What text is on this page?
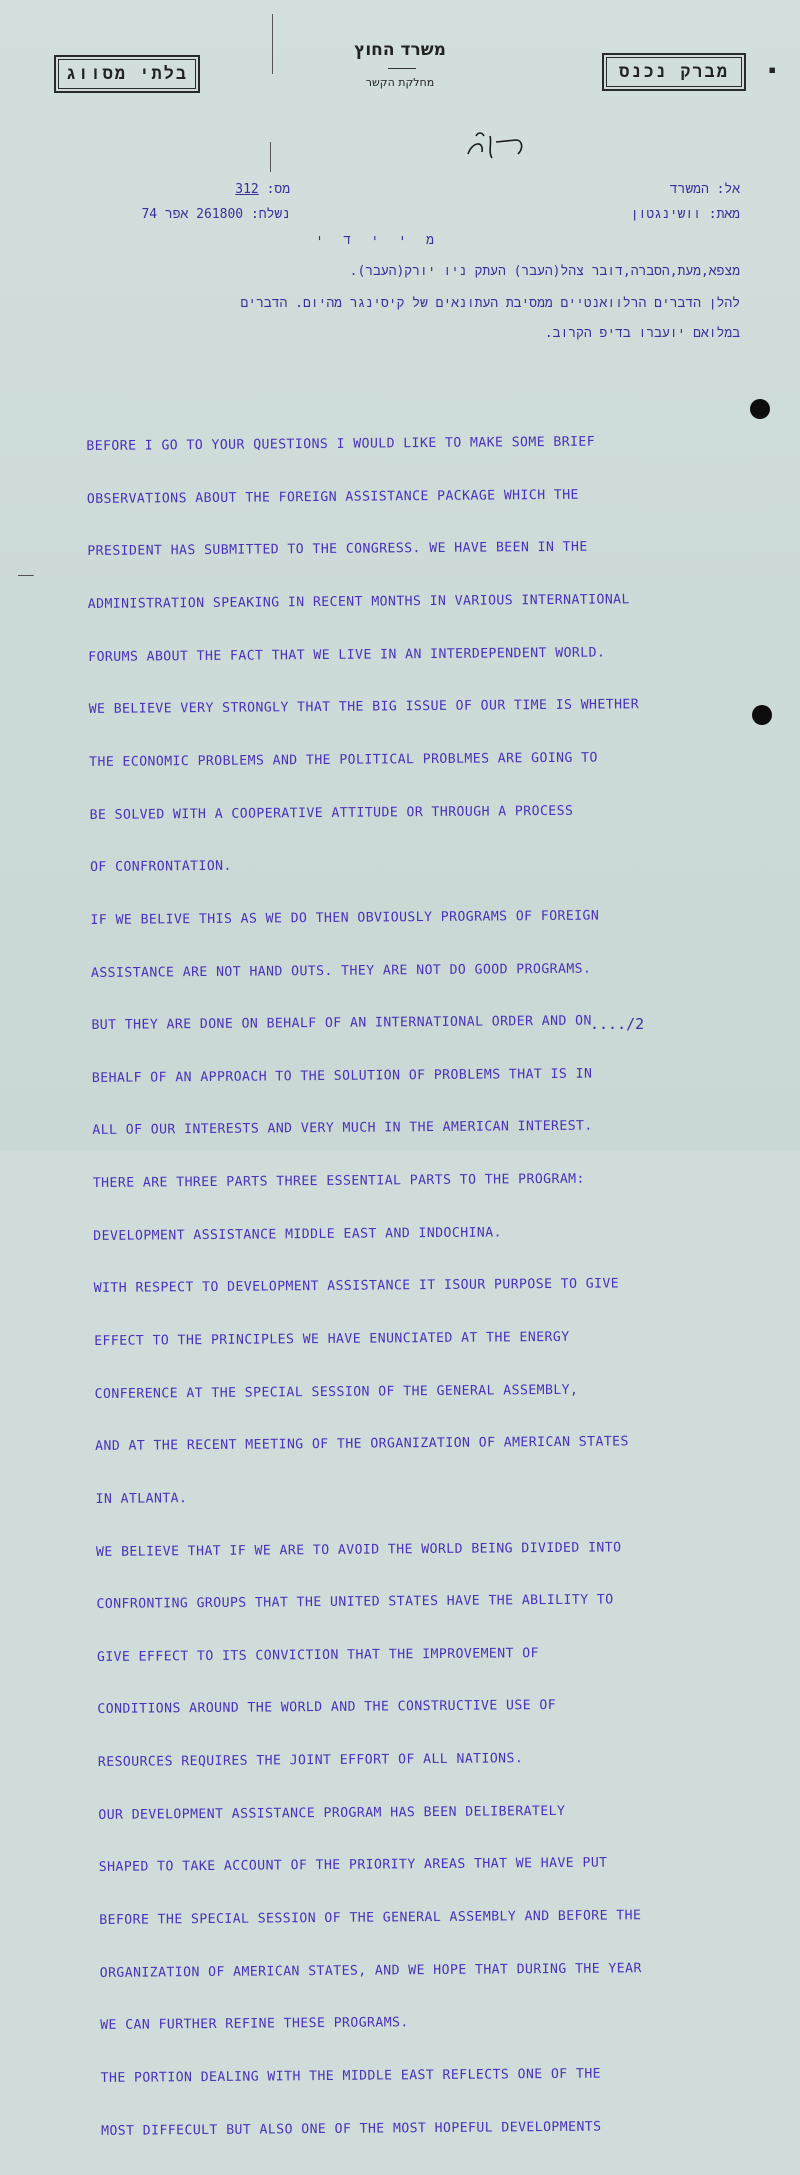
בלתי מסווג	מברק נכנס	▪
משרד החוץ
מחלקת הקשר
אל: המשרד
מאת: וושינגטון
מס: 312
נשלח: 261800 אפר 74
מ י י ד י
מצפא,מעת,הסברה,דובר צהל(העבר) העתק ניו יורק(העבר).
להלן הדברים הרלוואנטיים ממסיבת העתונאים של קיסינגר מהיום. הדברים
במלואם יועברו בדיפ הקרוב.
—⁠—

BEFORE I GO TO YOUR QUESTIONS I WOULD LIKE TO MAKE SOME BRIEF

OBSERVATIONS ABOUT THE FOREIGN ASSISTANCE PACKAGE WHICH THE

PRESIDENT HAS SUBMITTED TO THE CONGRESS. WE HAVE BEEN IN THE

ADMINISTRATION SPEAKING IN RECENT MONTHS IN VARIOUS INTERNATIONAL

FORUMS ABOUT THE FACT THAT WE LIVE IN AN INTERDEPENDENT WORLD.

WE BELIEVE VERY STRONGLY THAT THE BIG ISSUE OF OUR TIME IS WHETHER

THE ECONOMIC PROBLEMS AND THE POLITICAL PROBLMES ARE GOING TO

BE SOLVED WITH A COOPERATIVE ATTITUDE OR THROUGH A PROCESS

OF CONFRONTATION.

IF WE BELIVE THIS AS WE DO THEN OBVIOUSLY PROGRAMS OF FOREIGN

ASSISTANCE ARE NOT HAND OUTS. THEY ARE NOT DO GOOD PROGRAMS.

BUT THEY ARE DONE ON BEHALF OF AN INTERNATIONAL ORDER AND ON

BEHALF OF AN APPROACH TO THE SOLUTION OF PROBLEMS THAT IS IN

ALL OF OUR INTERESTS AND VERY MUCH IN THE AMERICAN INTEREST.

THERE ARE THREE PARTS THREE ESSENTIAL PARTS TO THE PROGRAM:

DEVELOPMENT ASSISTANCE MIDDLE EAST AND INDOCHINA.

WITH RESPECT TO DEVELOPMENT ASSISTANCE IT ISOUR PURPOSE TO GIVE

EFFECT TO THE PRINCIPLES WE HAVE ENUNCIATED AT THE ENERGY

CONFERENCE AT THE SPECIAL SESSION OF THE GENERAL ASSEMBLY,

AND AT THE RECENT MEETING OF THE ORGANIZATION OF AMERICAN STATES

IN ATLANTA.

WE BELIEVE THAT IF WE ARE TO AVOID THE WORLD BEING DIVIDED INTO

CONFRONTING GROUPS THAT THE UNITED STATES HAVE THE ABLILITY TO

GIVE EFFECT TO ITS CONVICTION THAT THE IMPROVEMENT OF

CONDITIONS AROUND THE WORLD AND THE CONSTRUCTIVE USE OF

RESOURCES REQUIRES THE JOINT EFFORT OF ALL NATIONS.

OUR DEVELOPMENT ASSISTANCE PROGRAM HAS BEEN DELIBERATELY

SHAPED TO TAKE ACCOUNT OF THE PRIORITY AREAS THAT WE HAVE PUT

BEFORE THE SPECIAL SESSION OF THE GENERAL ASSEMBLY AND BEFORE THE

ORGANIZATION OF AMERICAN STATES, AND WE HOPE THAT DURING THE YEAR

WE CAN FURTHER REFINE THESE PROGRAMS.

THE PORTION DEALING WITH THE MIDDLE EAST REFLECTS ONE OF THE

MOST DIFFECULT BUT ALSO ONE OF THE MOST HOPEFUL DEVELOPMENTS

..../2
